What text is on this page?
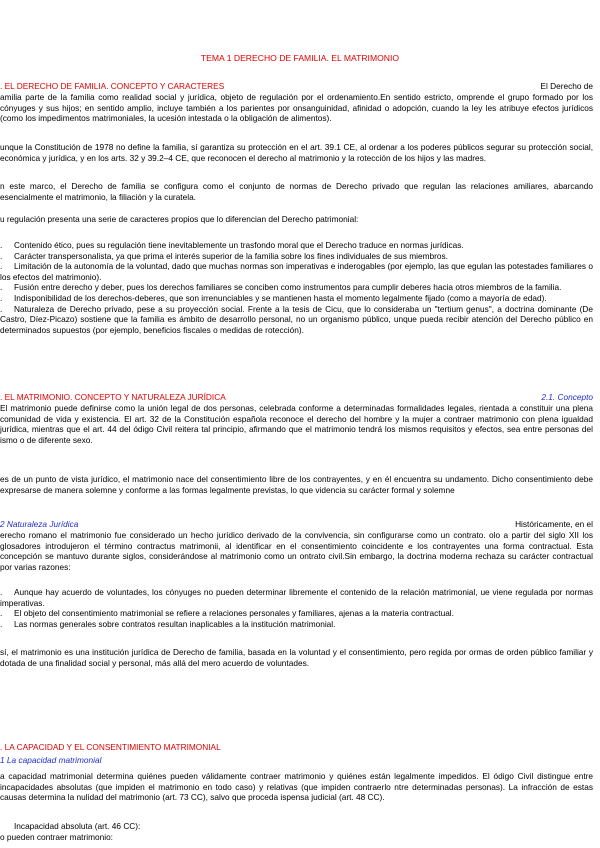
TEMA 1 DERECHO DE FAMILIA. EL MATRIMONIO
. EL DERECHO DE FAMILIA. CONCEPTO Y CARACTERES	El Derecho de
amilia parte de la familia como realidad social y jurídica, objeto de regulación por el ordenamiento.En sentido estricto, omprende el grupo formado por los cónyuges y sus hijos; en sentido amplio, incluye también a los parientes por onsanguinidad, afinidad o adopción, cuando la ley les atribuye efectos jurídicos (como los impedimentos matrimoniales, la ucesión intestada o la obligación de alimentos).
unque la Constitución de 1978 no define la familia, sí garantiza su protección en el art. 39.1 CE, al ordenar a los poderes públicos segurar su protección social, económica y jurídica, y en los arts. 32 y 39.2–4 CE, que reconocen el derecho al matrimonio y la rotección de los hijos y las madres.
n este marco, el Derecho de familia se configura como el conjunto de normas de Derecho privado que regulan las relaciones amiliares, abarcando esencialmente el matrimonio, la filiación y la curatela.
u regulación presenta una serie de caracteres propios que lo diferencian del Derecho patrimonial:
. Contenido ético, pues su regulación tiene inevitablemente un trasfondo moral que el Derecho traduce en normas jurídicas.
. Carácter transpersonalista, ya que prima el interés superior de la familia sobre los fines individuales de sus miembros.
. Limitación de la autonomía de la voluntad, dado que muchas normas son imperativas e inderogables (por ejemplo, las que egulan las potestades familiares o los efectos del matrimonio).
. Fusión entre derecho y deber, pues los derechos familiares se conciben como instrumentos para cumplir deberes hacia otros miembros de la familia.
. Indisponibilidad de los derechos-deberes, que son irrenunciables y se mantienen hasta el momento legalmente fijado (como a mayoría de edad).
. Naturaleza de Derecho privado, pese a su proyección social. Frente a la tesis de Cicu, que lo consideraba un "tertium genus", a doctrina dominante (De Castro, Díez-Picazo) sostiene que la familia es ámbito de desarrollo personal, no un organismo público, unque pueda recibir atención del Derecho público en determinados supuestos (por ejemplo, beneficios fiscales o medidas de rotección).
. EL MATRIMONIO. CONCEPTO Y NATURALEZA JURÍDICA	2.1. Concepto
El matrimonio puede definirse como la unión legal de dos personas, celebrada conforme a determinadas formalidades legales, rientada a constituir una plena comunidad de vida y existencia. El art. 32 de la Constitución española reconoce el derecho del hombre y la mujer a contraer matrimonio con plena igualdad jurídica, mientras que el art. 44 del ódigo Civil reitera tal principio, afirmando que el matrimonio tendrá los mismos requisitos y efectos, sea entre personas del ismo o de diferente sexo.
es de un punto de vista jurídico, el matrimonio nace del consentimiento libre de los contrayentes, y en él encuentra su undamento. Dicho consentimiento debe expresarse de manera solemne y conforme a las formas legalmente previstas, lo que videncia su carácter formal y solemne
2 Naturaleza Jurídica	Históricamente, en el
erecho romano el matrimonio fue considerado un hecho jurídico derivado de la convivencia, sin configurarse como un contrato. olo a partir del siglo XII los glosadores introdujeron el término contractus matrimonii, al identificar en el consentimiento coincidente e los contrayentes una forma contractual. Esta concepción se mantuvo durante siglos, considerándose al matrimonio como un ontrato civil.Sin embargo, la doctrina moderna rechaza su carácter contractual por varias razones:
. Aunque hay acuerdo de voluntades, los cónyuges no pueden determinar libremente el contenido de la relación matrimonial, ue viene regulada por normas imperativas.
. El objeto del consentimiento matrimonial se refiere a relaciones personales y familiares, ajenas a la materia contractual.
. Las normas generales sobre contratos resultan inaplicables a la institución matrimonial.
sí, el matrimonio es una institución jurídica de Derecho de familia, basada en la voluntad y el consentimiento, pero regida por ormas de orden público familiar y dotada de una finalidad social y personal, más allá del mero acuerdo de voluntades.
. LA CAPACIDAD Y EL CONSENTIMIENTO MATRIMONIAL
1 La capacidad matrimonial
a capacidad matrimonial determina quiénes pueden válidamente contraer matrimonio y quiénes están legalmente impedidos. El ódigo Civil distingue entre incapacidades absolutas (que impiden el matrimonio en todo caso) y relativas (que impiden contraerlo ntre determinadas personas). La infracción de estas causas determina la nulidad del matrimonio (art. 73 CC), salvo que proceda ispensa judicial (art. 48 CC).
Incapacidad absoluta (art. 46 CC):
o pueden contraer matrimonio:
